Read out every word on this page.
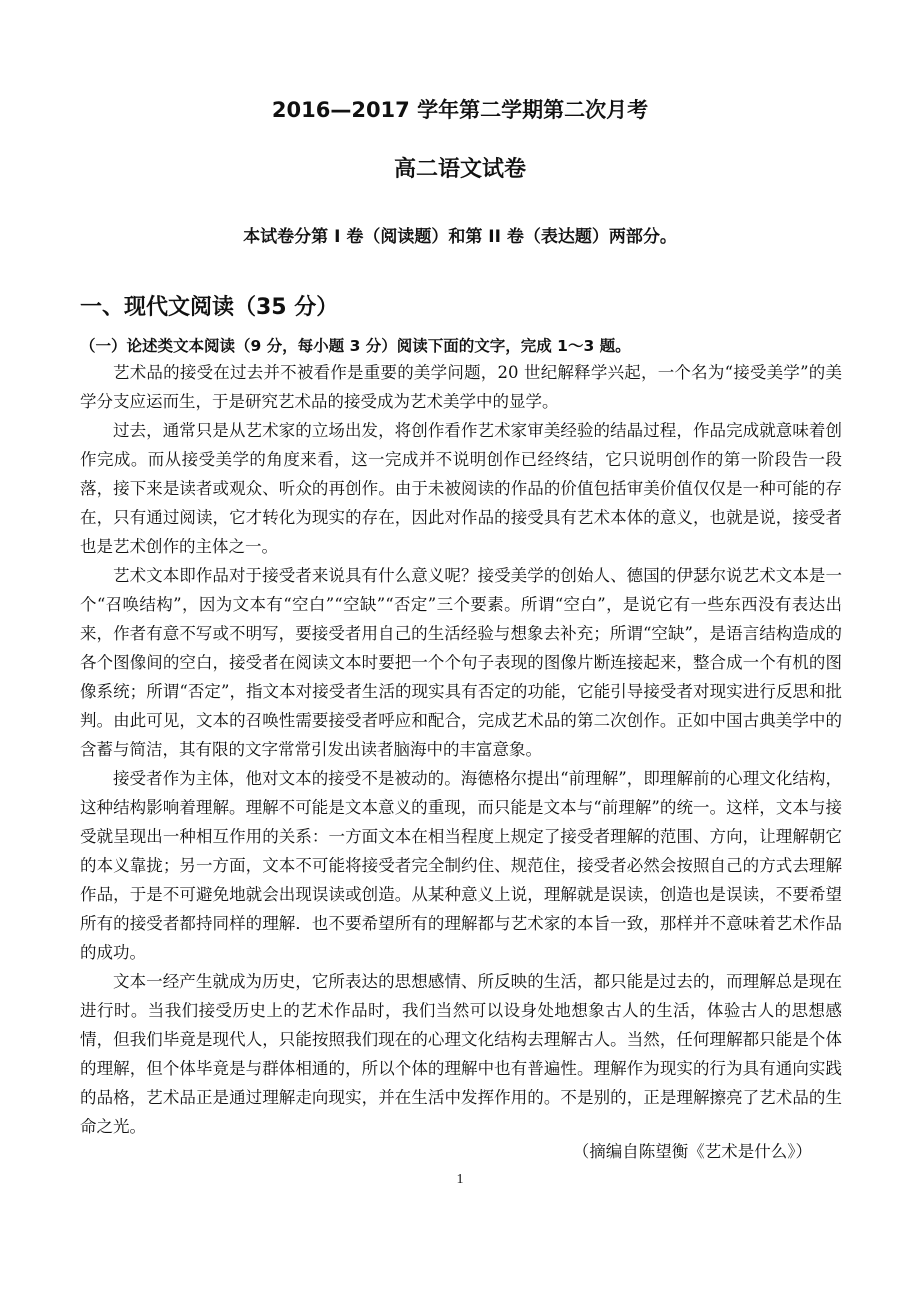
2016—2017 学年第二学期第二次月考
高二语文试卷

本试卷分第 I 卷（阅读题）和第 II 卷（表达题）两部分。

一、现代文阅读（35 分）

（一）论述类文本阅读（9 分，每小题 3 分）阅读下面的文字，完成 1～3 题。

艺术品的接受在过去并不被看作是重要的美学问题，20 世纪解释学兴起，一个名为“接受美学”的美学分支应运而生，于是研究艺术品的接受成为艺术美学中的显学。

过去，通常只是从艺术家的立场出发，将创作看作艺术家审美经验的结晶过程，作品完成就意味着创作完成。而从接受美学的角度来看，这一完成并不说明创作已经终结，它只说明创作的第一阶段告一段落，接下来是读者或观众、听众的再创作。由于未被阅读的作品的价值包括审美价值仅仅是一种可能的存在，只有通过阅读，它才转化为现实的存在，因此对作品的接受具有艺术本体的意义，也就是说，接受者也是艺术创作的主体之一。

艺术文本即作品对于接受者来说具有什么意义呢？接受美学的创始人、德国的伊瑟尔说艺术文本是一个“召唤结构”，因为文本有“空白”“空缺”“否定”三个要素。所谓“空白”，是说它有一些东西没有表达出来，作者有意不写或不明写，要接受者用自己的生活经验与想象去补充；所谓“空缺”，是语言结构造成的各个图像间的空白，接受者在阅读文本时要把一个个句子表现的图像片断连接起来，整合成一个有机的图像系统；所谓“否定”，指文本对接受者生活的现实具有否定的功能，它能引导接受者对现实进行反思和批判。由此可见，文本的召唤性需要接受者呼应和配合，完成艺术品的第二次创作。正如中国古典美学中的含蓄与简洁，其有限的文字常常引发出读者脑海中的丰富意象。

接受者作为主体，他对文本的接受不是被动的。海德格尔提出“前理解”，即理解前的心理文化结构，这种结构影响着理解。理解不可能是文本意义的重现，而只能是文本与“前理解”的统一。这样，文本与接受就呈现出一种相互作用的关系：一方面文本在相当程度上规定了接受者理解的范围、方向，让理解朝它的本义靠拢；另一方面，文本不可能将接受者完全制约住、规范住，接受者必然会按照自己的方式去理解作品，于是不可避免地就会出现误读或创造。从某种意义上说，理解就是误读，创造也是误读，不要希望所有的接受者都持同样的理解．也不要希望所有的理解都与艺术家的本旨一致，那样并不意味着艺术作品的成功。

文本一经产生就成为历史，它所表达的思想感情、所反映的生活，都只能是过去的，而理解总是现在进行时。当我们接受历史上的艺术作品时，我们当然可以设身处地想象古人的生活，体验古人的思想感情，但我们毕竟是现代人，只能按照我们现在的心理文化结构去理解古人。当然，任何理解都只能是个体的理解，但个体毕竟是与群体相通的，所以个体的理解中也有普遍性。理解作为现实的行为具有通向实践的品格，艺术品正是通过理解走向现实，并在生活中发挥作用的。不是别的，正是理解擦亮了艺术品的生命之光。

（摘编自陈望衡《艺术是什么》）

1
